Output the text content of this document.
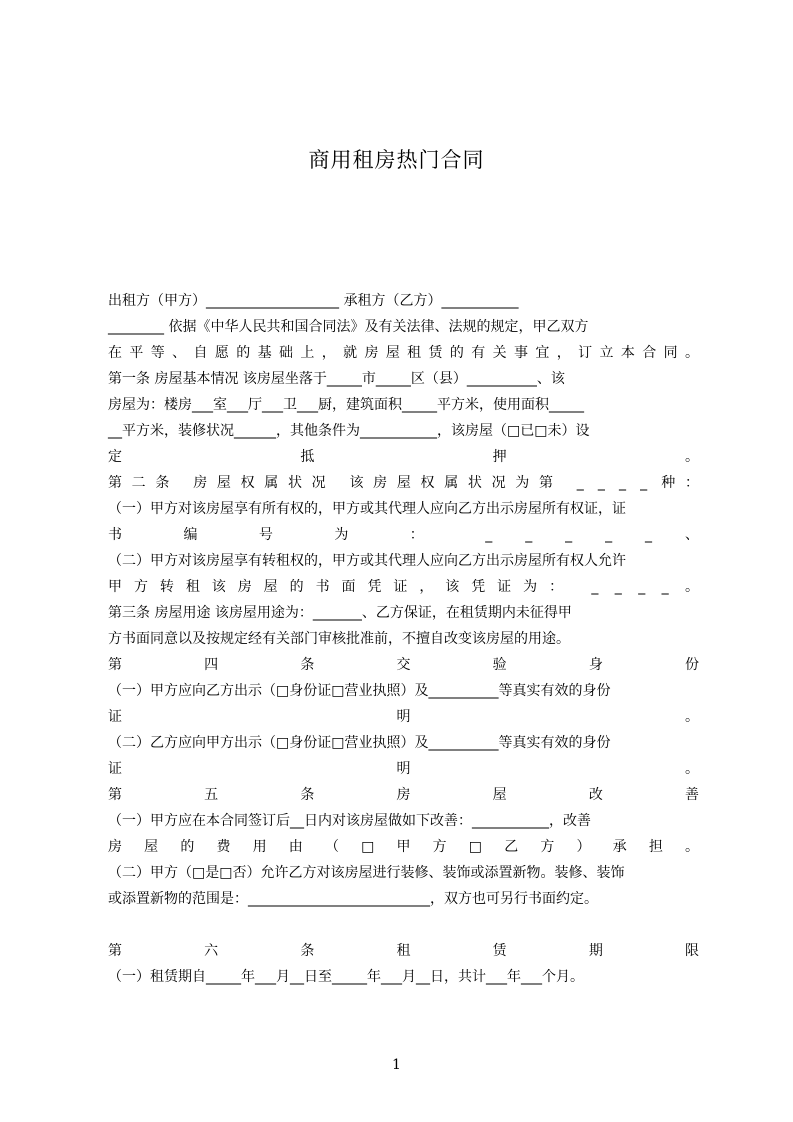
商用租房热门合同
出租方（甲方）___________________ 承租方（乙方）___________
________ 依据《中华人民共和国合同法》及有关法律、法规的规定，甲乙双方
在平等、自愿的基础上，就房屋租赁的有关事宜，订立本合同。
第一条 房屋基本情况 该房屋坐落于_____市_____区（县）__________、该
房屋为：楼房___室___厅___卫___厨，建筑面积_____平方米，使用面积_____
__平方米，装修状况______，其他条件为___________，该房屋（□已□未）设
定 抵 押 。
第二条 房屋权属状况 该房屋权属状况为第 _ _ _ _ 种：
（一）甲方对该房屋享有所有权的，甲方或其代理人应向乙方出示房屋所有权证，证
书 编 号 为 ： _ _ _ _ _ 、
（二）甲方对该房屋享有转租权的，甲方或其代理人应向乙方出示房屋所有权人允许
甲方转租该房屋的书面凭证，该凭证为： _ _ _ _ 。
第三条 房屋用途 该房屋用途为：_______、乙方保证，在租赁期内未征得甲
方书面同意以及按规定经有关部门审核批准前，不擅自改变该房屋的用途。
第 四 条 交 验 身 份
（一）甲方应向乙方出示（□身份证□营业执照）及__________等真实有效的身份
证 明 。
（二）乙方应向甲方出示（□身份证□营业执照）及__________等真实有效的身份
证 明 。
第 五 条 房 屋 改 善
（一）甲方应在本合同签订后__日内对该房屋做如下改善：___________，改善
房 屋 的 费 用 由 （ □ 甲 方 □ 乙 方 ） 承 担 。
（二）甲方（□是□否）允许乙方对该房屋进行装修、装饰或添置新物。装修、装饰
或添置新物的范围是：__________________________，双方也可另行书面约定。

第 六 条 租 赁 期 限
（一）租赁期自_____年___月__日至_____年___月__日，共计___年___个月。
1
